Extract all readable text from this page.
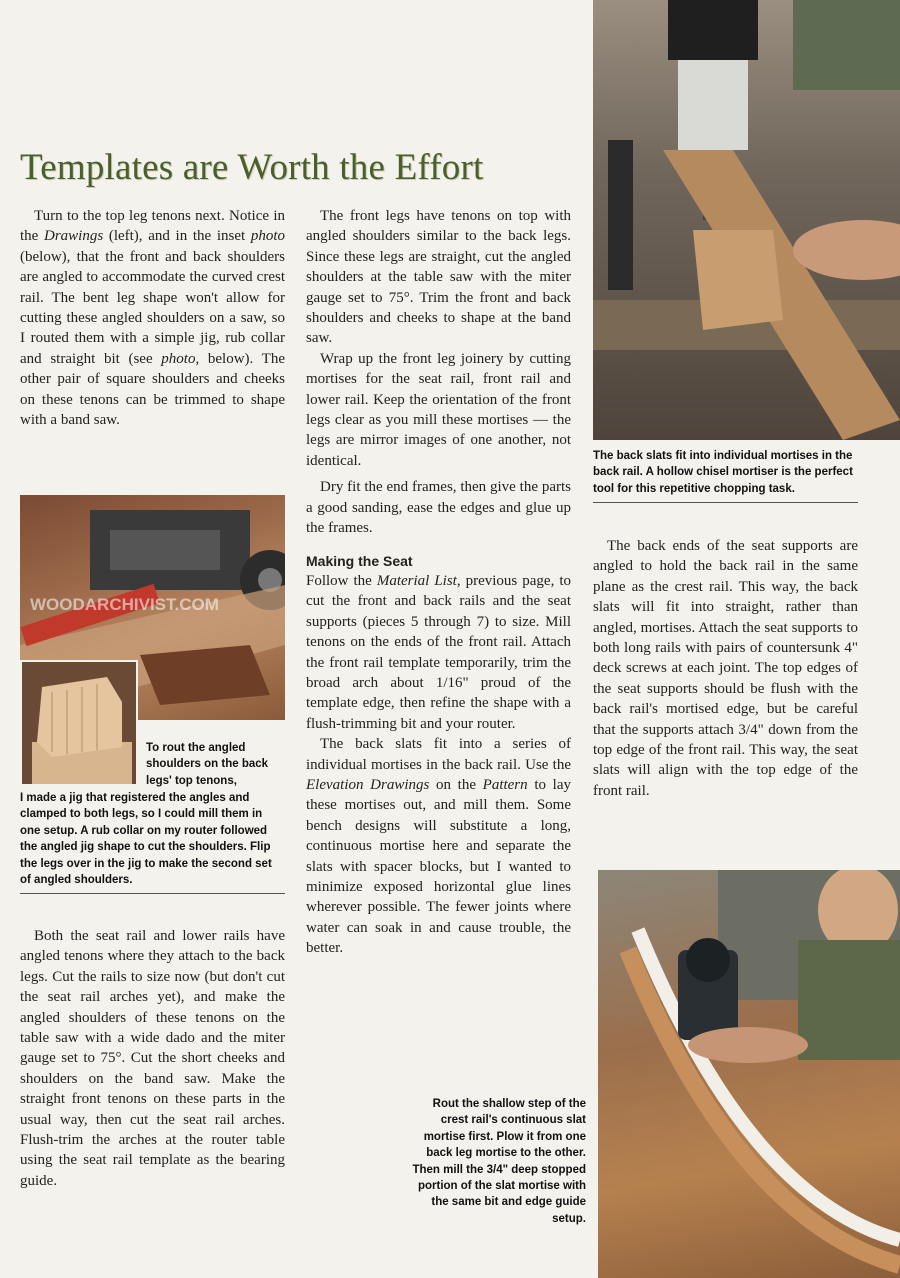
Templates are Worth the Effort

Turn to the top leg tenons next. Notice in the Drawings (left), and in the inset photo (below), that the front and back shoulders are angled to accommodate the curved crest rail. The bent leg shape won't allow for cutting these angled shoulders on a saw, so I routed them with a simple jig, rub collar and straight bit (see photo, below). The other pair of square shoulders and cheeks on these tenons can be trimmed to shape with a band saw.

WOODARCHIVIST.COM
To rout the angled shoulders on the back legs' top tenons,
I made a jig that registered the angles and clamped to both legs, so I could mill them in one setup. A rub collar on my router followed the angled jig shape to cut the shoulders. Flip the legs over in the jig to make the second set of angled shoulders.

Both the seat rail and lower rails have angled tenons where they attach to the back legs. Cut the rails to size now (but don't cut the seat rail arches yet), and make the angled shoulders of these tenons on the table saw with a wide dado and the miter gauge set to 75°. Cut the short cheeks and shoulders on the band saw. Make the straight front tenons on these parts in the usual way, then cut the seat rail arches. Flush-trim the arches at the router table using the seat rail template as the bearing guide.

The front legs have tenons on top with angled shoulders similar to the back legs. Since these legs are straight, cut the angled shoulders at the table saw with the miter gauge set to 75°. Trim the front and back shoulders and cheeks to shape at the band saw.

Wrap up the front leg joinery by cutting mortises for the seat rail, front rail and lower rail. Keep the orientation of the front legs clear as you mill these mortises — the legs are mirror images of one another, not identical.

Dry fit the end frames, then give the parts a good sanding, ease the edges and glue up the frames.

Making the Seat

Follow the Material List, previous page, to cut the front and back rails and the seat supports (pieces 5 through 7) to size. Mill tenons on the ends of the front rail. Attach the front rail template temporarily, trim the broad arch about 1/16" proud of the template edge, then refine the shape with a flush-trimming bit and your router.

The back slats fit into a series of individual mortises in the back rail. Use the Elevation Drawings on the Pattern to lay these mortises out, and mill them. Some bench designs will substitute a long, continuous mortise here and separate the slats with spacer blocks, but I wanted to minimize exposed horizontal glue lines wherever possible. The fewer joints where water can soak in and cause trouble, the better.

Rout the shallow step of the crest rail's continuous slat mortise first. Plow it from one back leg mortise to the other. Then mill the 3/4" deep stopped portion of the slat mortise with the same bit and edge guide setup.
The back slats fit into individual mortises in the back rail. A hollow chisel mortiser is the perfect tool for this repetitive chopping task.

The back ends of the seat supports are angled to hold the back rail in the same plane as the crest rail. This way, the back slats will fit into straight, rather than angled, mortises. Attach the seat supports to both long rails with pairs of countersunk 4" deck screws at each joint. The top edges of the seat supports should be flush with the back rail's mortised edge, but be careful that the supports attach 3/4" down from the top edge of the front rail. This way, the seat slats will align with the top edge of the front rail.
